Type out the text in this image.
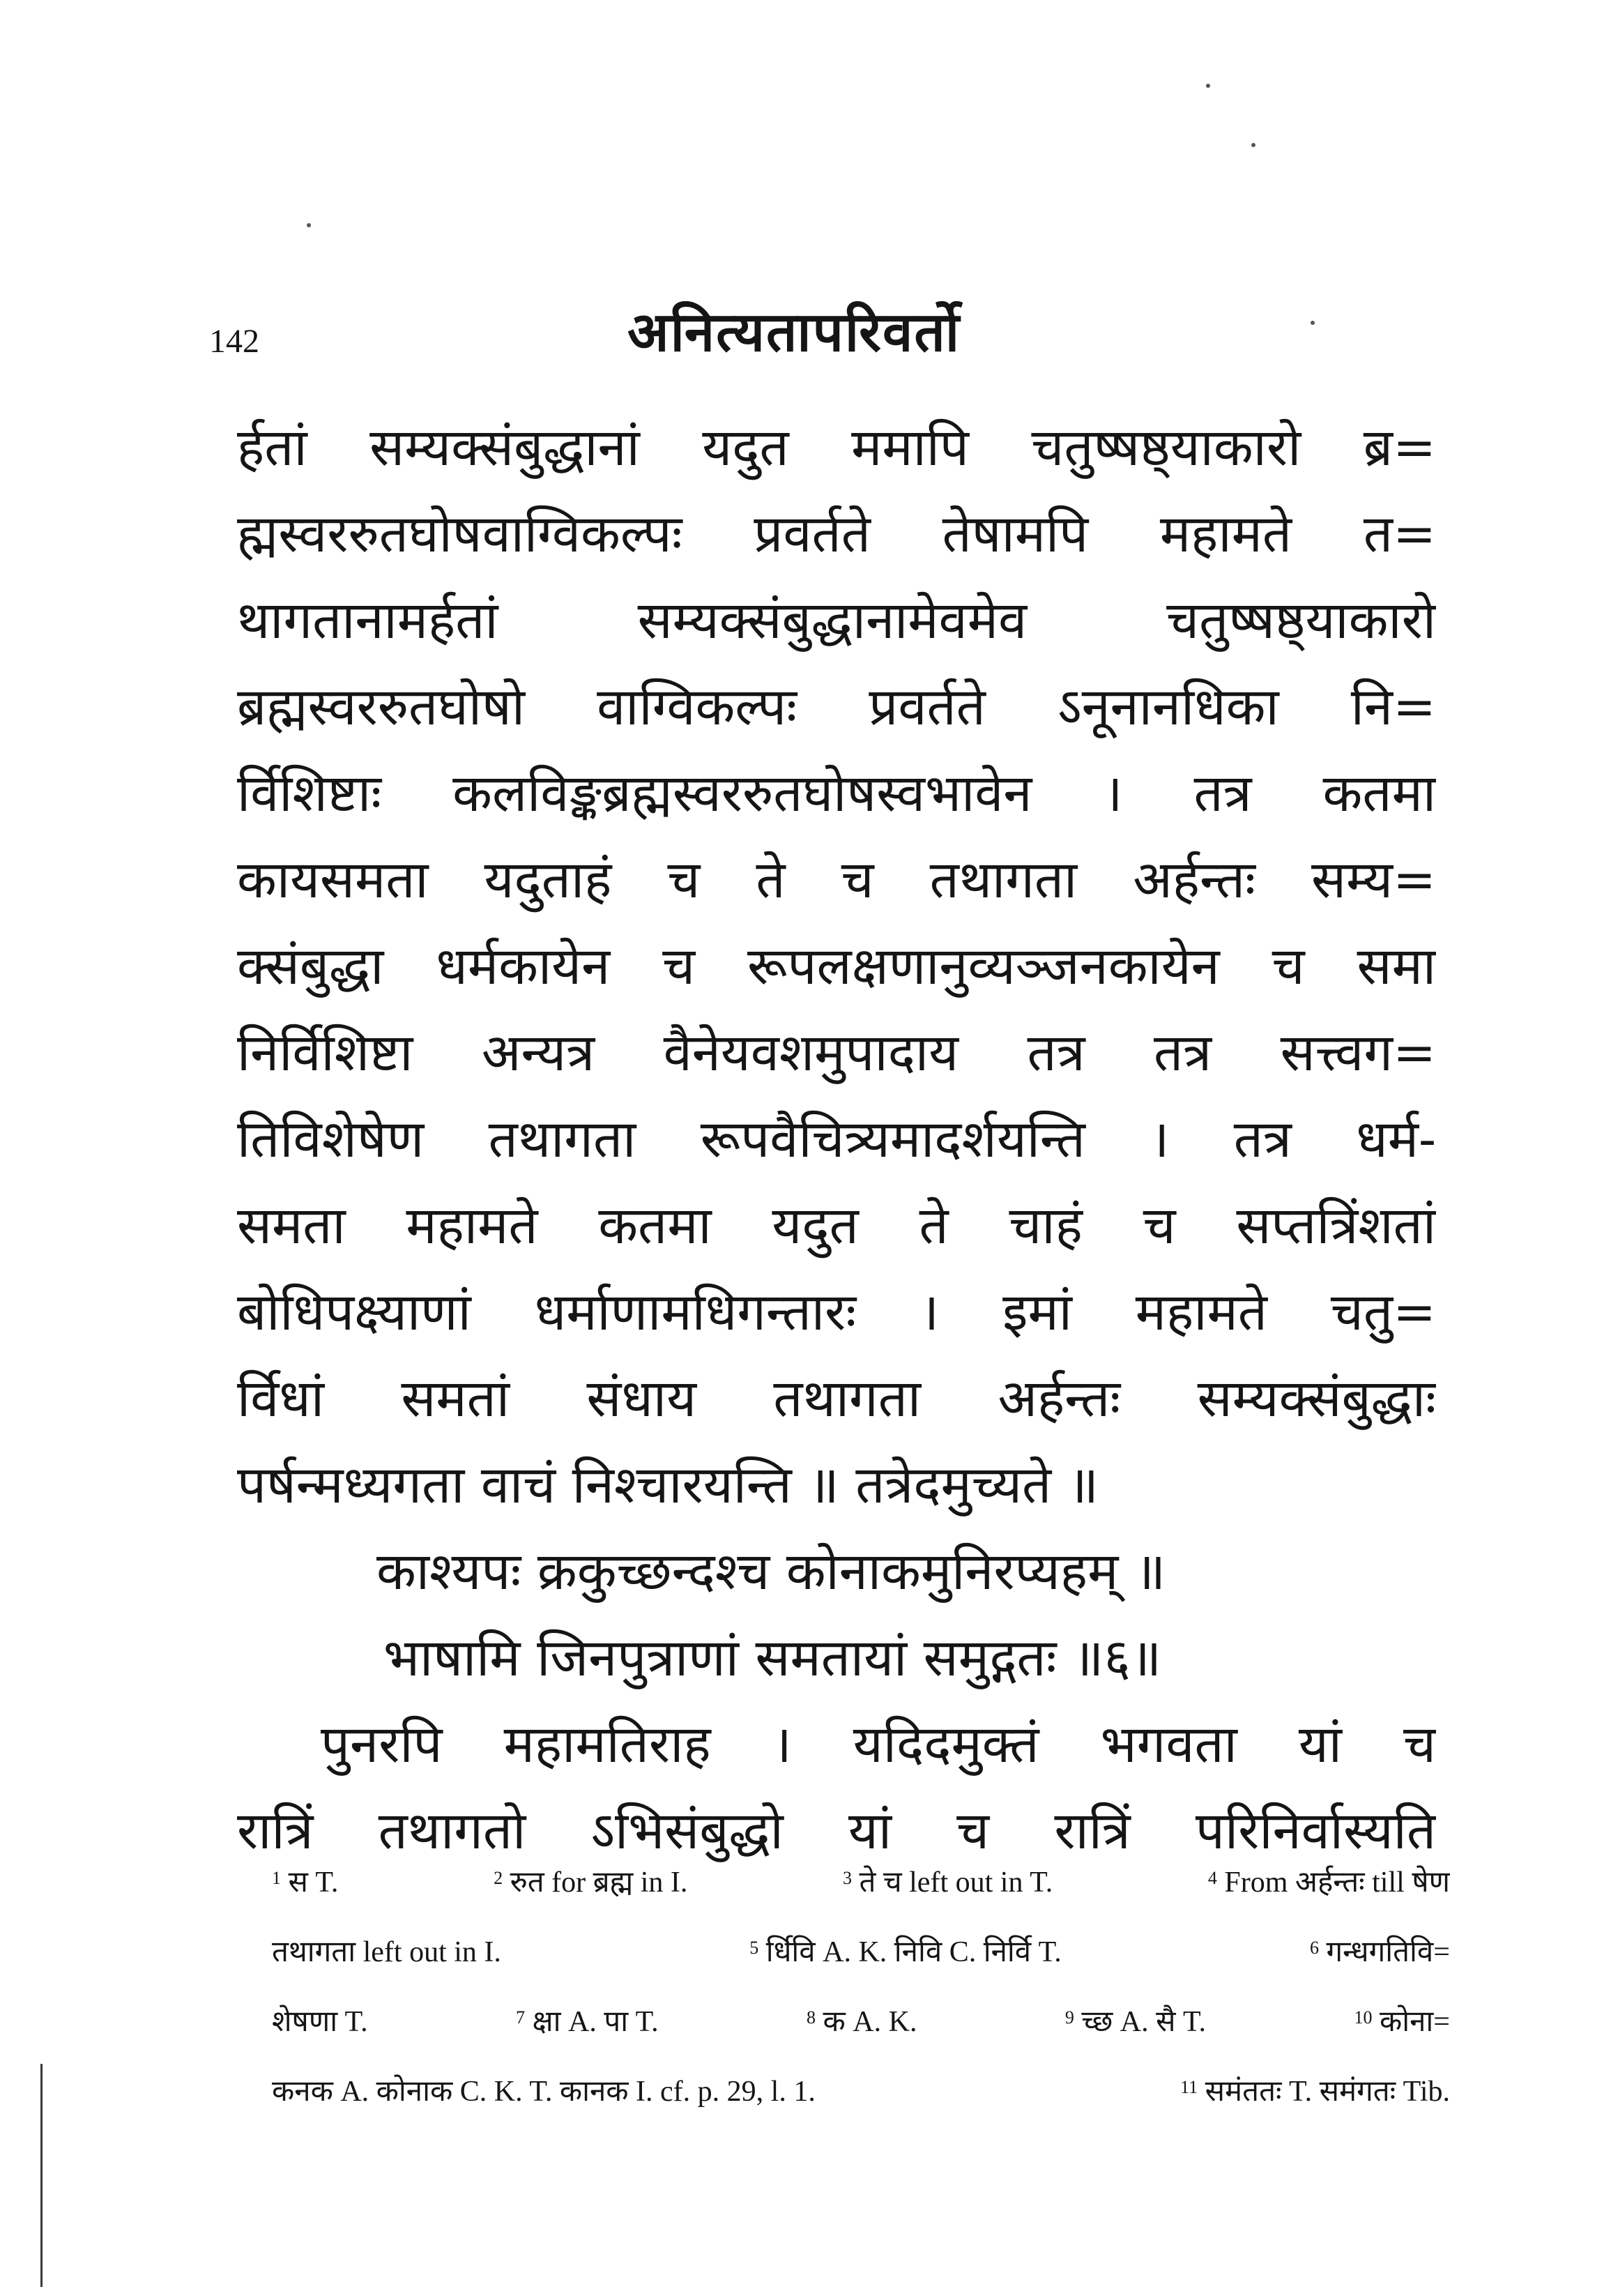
142	अनित्यतापरिवर्तो
र्हतां सम्यक्संबुद्धानां यदुत ममापि चतुष्षष्ठ्याकारो ब्र=
ह्मस्वररुतघोषवाग्विकल्पः प्रवर्तते तेषामपि महामते त=
थागतानामर्हतां सम्यक्संबुद्धानामेवमेव चतुष्षष्ठ्याकारो
ब्रह्मस्वररुतघोषो वाग्विकल्पः प्रवर्तते ऽनूनानधिका नि=
र्विशिष्टाः कलविङ्कब्रह्मस्वररुतघोषस्वभावेन । तत्र कतमा
कायसमता यदुताहं च ते च तथागता अर्हन्तः सम्य=
क्संबुद्धा धर्मकायेन च रूपलक्षणानुव्यञ्जनकायेन च समा
निर्विशिष्टा अन्यत्र वैनेयवशमुपादाय तत्र तत्र सत्त्वग=
तिविशेषेण तथागता रूपवैचित्र्यमादर्शयन्ति । तत्र धर्म-
समता महामते कतमा यदुत ते चाहं च सप्तत्रिंशतां
बोधिपक्ष्याणां धर्माणामधिगन्तारः । इमां महामते चतु=
र्विधां समतां संधाय तथागता अर्हन्तः सम्यक्संबुद्धाः
पर्षन्मध्यगता वाचं निश्चारयन्ति ॥ तत्रेदमुच्यते ॥
काश्यपः क्रकुच्छन्दश्च कोनाकमुनिरप्यहम् ॥
भाषामि जिनपुत्राणां समतायां समुद्गतः ॥६॥
पुनरपि महामतिराह । यदिदमुक्तं भगवता यां च
रात्रिं तथागतो ऽभिसंबुद्धो यां च रात्रिं परिनिर्वास्यति
$^1$ स T.	$^2$ रुत for ब्रह्म in I.	$^3$ ते च left out in T.	$^4$ From अर्हन्तः till षेण
तथागता left out in I.	$^5$ र्धिवि A. K. निवि C. निर्वि T.	$^6$ गन्धगतिवि=
शेषणा T.	$^7$ क्षा A. पा T.	$^8$ क A. K.	$^9$ च्छ A. सै T.	$^{10}$ कोना=
कनक A. कोनाक C. K. T. कानक I. cf. p. 29, l. 1.	$^{11}$ समंततः T. समंगतः Tib.
